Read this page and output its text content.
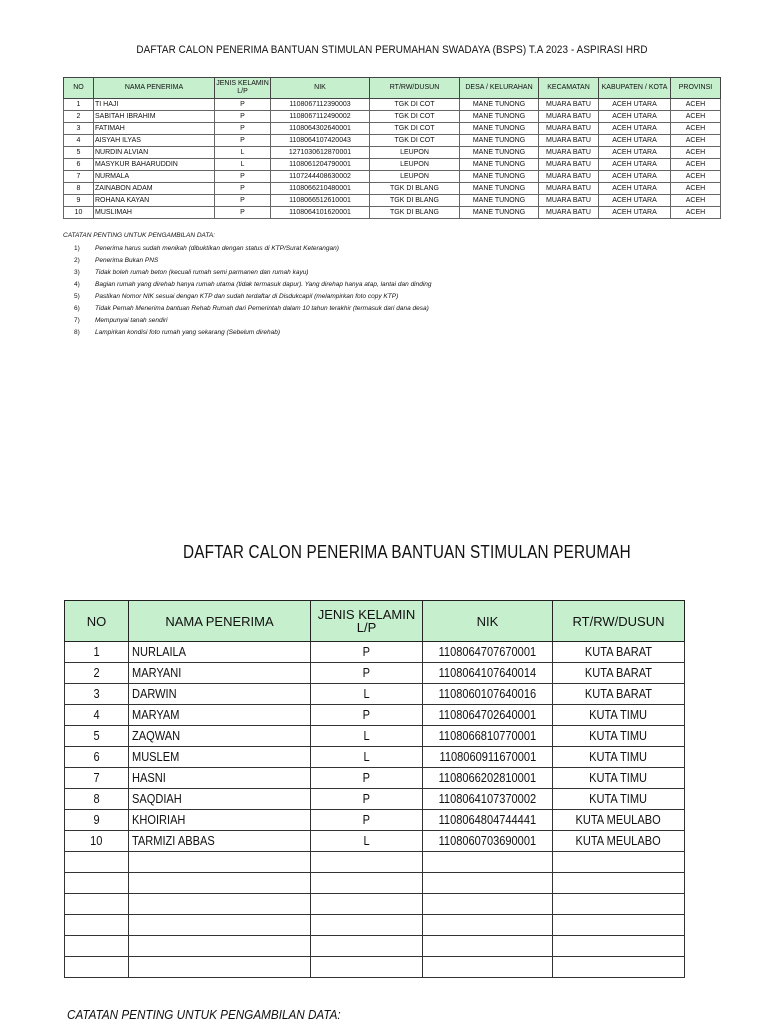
DAFTAR CALON PENERIMA BANTUAN STIMULAN PERUMAHAN SWADAYA (BSPS) T.A 2023 - ASPIRASI HRD
NO	NAMA PENERIMA	JENIS KELAMIN L/P	NIK	RT/RW/DUSUN	DESA / KELURAHAN	KECAMATAN	KABUPATEN / KOTA	PROVINSI
1	TI HAJI	P	1108067112390003	TGK DI COT	MANE TUNONG	MUARA BATU	ACEH UTARA	ACEH
2	SABITAH IBRAHIM	P	1108067112490002	TGK DI COT	MANE TUNONG	MUARA BATU	ACEH UTARA	ACEH
3	FATIMAH	P	1108064302640001	TGK DI COT	MANE TUNONG	MUARA BATU	ACEH UTARA	ACEH
4	AISYAH ILYAS	P	1108064107420043	TGK DI COT	MANE TUNONG	MUARA BATU	ACEH UTARA	ACEH
5	NURDIN ALVIAN	L	1271030612870001	LEUPON	MANE TUNONG	MUARA BATU	ACEH UTARA	ACEH
6	MASYKUR BAHARUDDIN	L	1108061204790001	LEUPON	MANE TUNONG	MUARA BATU	ACEH UTARA	ACEH
7	NURMALA	P	1107244408630002	LEUPON	MANE TUNONG	MUARA BATU	ACEH UTARA	ACEH
8	ZAINABON ADAM	P	1108066210480001	TGK DI BLANG	MANE TUNONG	MUARA BATU	ACEH UTARA	ACEH
9	ROHANA KAYAN	P	1108066512610001	TGK DI BLANG	MANE TUNONG	MUARA BATU	ACEH UTARA	ACEH
10	MUSLIMAH	P	1108064101620001	TGK DI BLANG	MANE TUNONG	MUARA BATU	ACEH UTARA	ACEH
CATATAN PENTING UNTUK PENGAMBILAN DATA:
1) Penerima harus sudah menikah (dibuktikan dengan status di KTP/Surat Keterangan)
2) Penerima Bukan PNS
3) Tidak boleh rumah beton (kecuali rumah semi parmanen dan rumah kayu)
4) Bagian rumah yang direhab hanya rumah utama (tidak termasuk dapur). Yang direhap hanya atap, lantai dan dinding
5) Pastikan Nomor NIK sesuai dengan KTP dan sudah terdaftar di Disdukcapil (melampirkan foto copy KTP)
6) Tidak Pernah Menerima bantuan Rehab Rumah dari Pemerintah dalam 10 tahun terakhir (termasuk dari dana desa)
7) Mempunyai tanah sendiri
8) Lampirkan kondisi foto rumah yang sekarang (Sebelum direhab)
DAFTAR CALON PENERIMA BANTUAN STIMULAN PERUMAH
NO	NAMA PENERIMA	JENIS KELAMIN L/P	NIK	RT/RW/DUSUN
1	NURLAILA	P	1108064707670001	KUTA BARAT
2	MARYANI	P	1108064107640014	KUTA BARAT
3	DARWIN	L	1108060107640016	KUTA BARAT
4	MARYAM	P	1108064702640001	KUTA TIMU
5	ZAQWAN	L	1108066810770001	KUTA TIMU
6	MUSLEM	L	1108060911670001	KUTA TIMU
7	HASNI	P	1108066202810001	KUTA TIMU
8	SAQDIAH	P	1108064107370002	KUTA TIMU
9	KHOIRIAH	P	1108064804744441	KUTA MEULABO
10	TARMIZI ABBAS	L	1108060703690001	KUTA MEULABO

CATATAN PENTING UNTUK PENGAMBILAN DATA:
